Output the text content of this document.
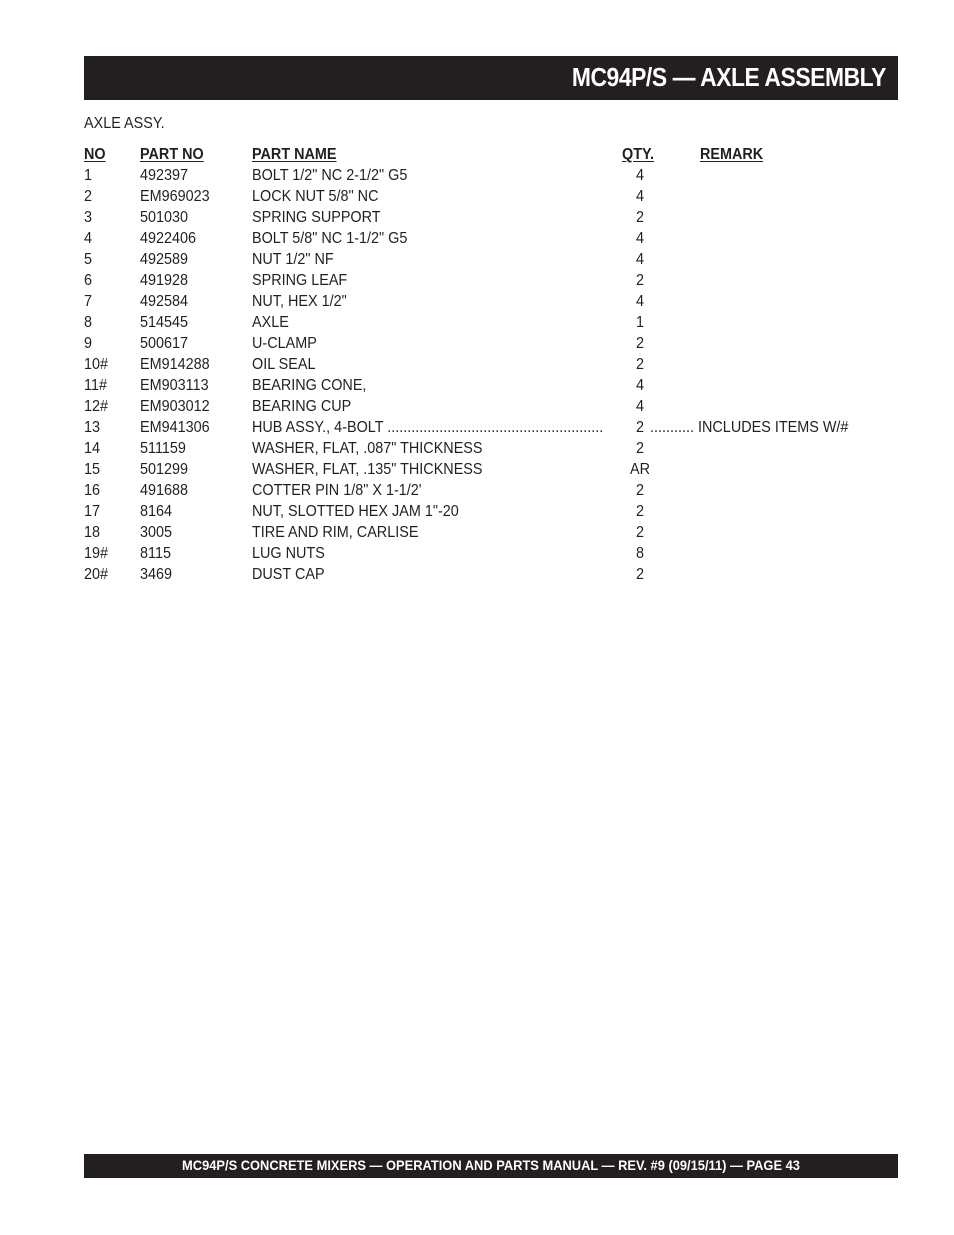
MC94P/S — AXLE ASSEMBLY
AXLE ASSY.
NO PART NO	PART NAME	QTY.	REMARK
1	492397	BOLT 1/2" NC 2-1/2" G5	4
2	EM969023	LOCK NUT 5/8" NC	4
3	501030	SPRING SUPPORT	2
4	4922406	BOLT 5/8" NC 1-1/2" G5	4
5	492589	NUT 1/2" NF	4
6	491928	SPRING LEAF	2
7	492584	NUT, HEX 1/2"	4
8	514545	AXLE	1
9	500617	U-CLAMP	2
10# EM914288	OIL SEAL	2
11# EM903113	BEARING CONE,	4
12# EM903012	BEARING CUP	4
13 EM941306	HUB ASSY., 4-BOLT ......................................................	2 ........... INCLUDES ITEMS W/#
14 511159	WASHER, FLAT, .087" THICKNESS	2
15 501299	WASHER, FLAT, .135" THICKNESS	AR
16 491688	COTTER PIN 1/8" X 1-1/2'	2
17 8164	NUT, SLOTTED HEX JAM 1"-20	2
18 3005	TIRE AND RIM, CARLISE	2
19# 8115	LUG NUTS	8
20# 3469	DUST CAP	2
MC94P/S CONCRETE MIXERS — OPERATION AND PARTS MANUAL — REV. #9 (09/15/11) — PAGE 43
